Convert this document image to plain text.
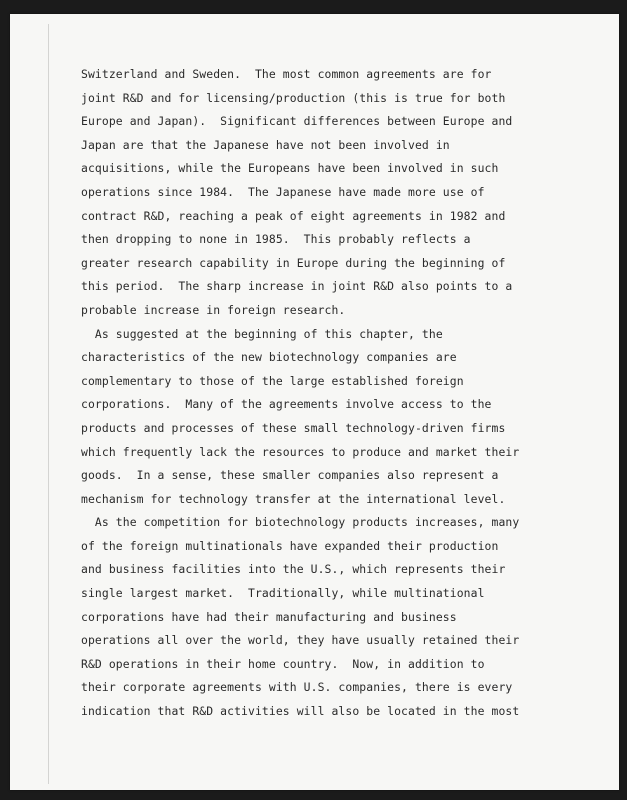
Switzerland and Sweden.  The most common agreements are for
joint R&D and for licensing/production (this is true for both
Europe and Japan).  Significant differences between Europe and
Japan are that the Japanese have not been involved in
acquisitions, while the Europeans have been involved in such
operations since 1984.  The Japanese have made more use of
contract R&D, reaching a peak of eight agreements in 1982 and
then dropping to none in 1985.  This probably reflects a
greater research capability in Europe during the beginning of
this period.  The sharp increase in joint R&D also points to a
probable increase in foreign research.
As suggested at the beginning of this chapter, the
characteristics of the new biotechnology companies are
complementary to those of the large established foreign
corporations.  Many of the agreements involve access to the
products and processes of these small technology-driven firms
which frequently lack the resources to produce and market their
goods.  In a sense, these smaller companies also represent a
mechanism for technology transfer at the international level.
As the competition for biotechnology products increases, many
of the foreign multinationals have expanded their production
and business facilities into the U.S., which represents their
single largest market.  Traditionally, while multinational
corporations have had their manufacturing and business
operations all over the world, they have usually retained their
R&D operations in their home country.  Now, in addition to
their corporate agreements with U.S. companies, there is every
indication that R&D activities will also be located in the most
